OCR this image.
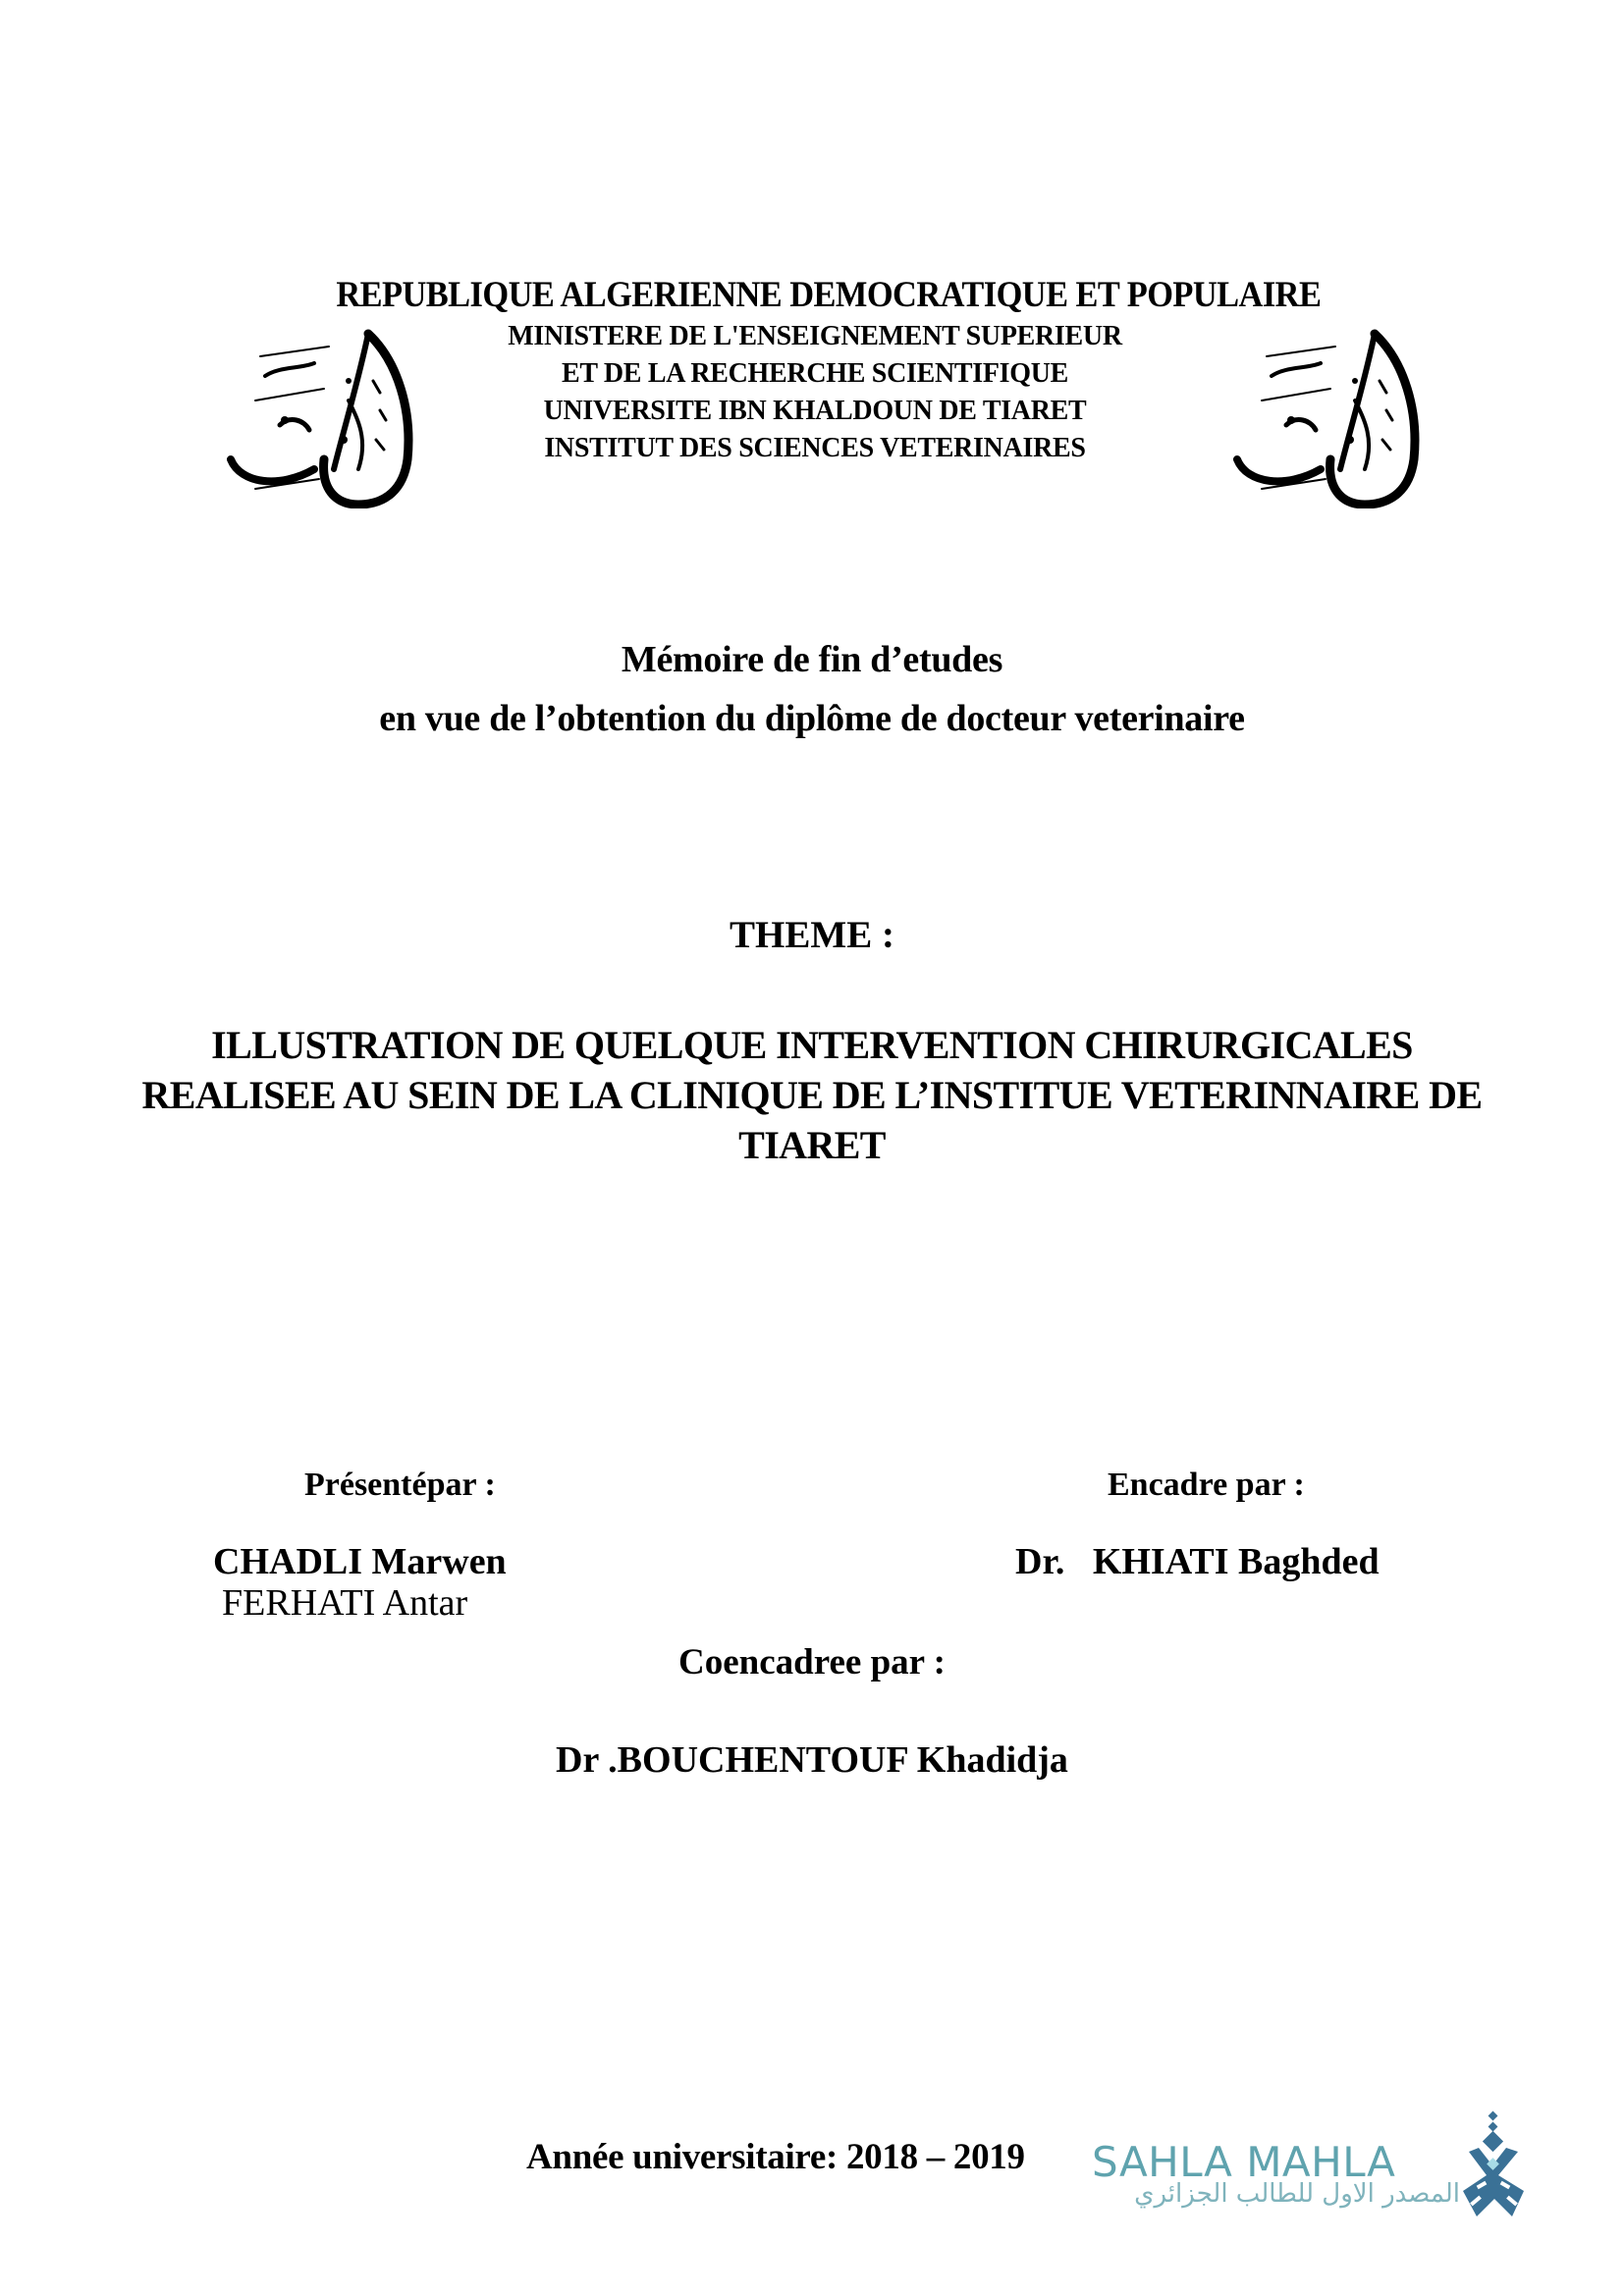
REPUBLIQUE ALGERIENNE DEMOCRATIQUE ET POPULAIRE
MINISTERE DE L'ENSEIGNEMENT SUPERIEUR
ET DE LA RECHERCHE SCIENTIFIQUE
UNIVERSITE IBN KHALDOUN DE TIARET
INSTITUT DES SCIENCES VETERINAIRES
Mémoire de fin d’etudes
en vue de l’obtention du diplôme de docteur veterinaire
THEME :
ILLUSTRATION DE QUELQUE INTERVENTION CHIRURGICALES
REALISEE AU SEIN DE LA CLINIQUE DE L’INSTITUE VETERINNAIRE DE
TIARET
Présentépar :	Encadre par :
CHADLI Marwen
FERHATI Antar
Dr.   KHIATI Baghded
Coencadree par :
Dr .BOUCHENTOUF Khadidja
Année universitaire: 2018 – 2019 SAHLA MAHLA
المصدر الاول للطالب الجزائري
